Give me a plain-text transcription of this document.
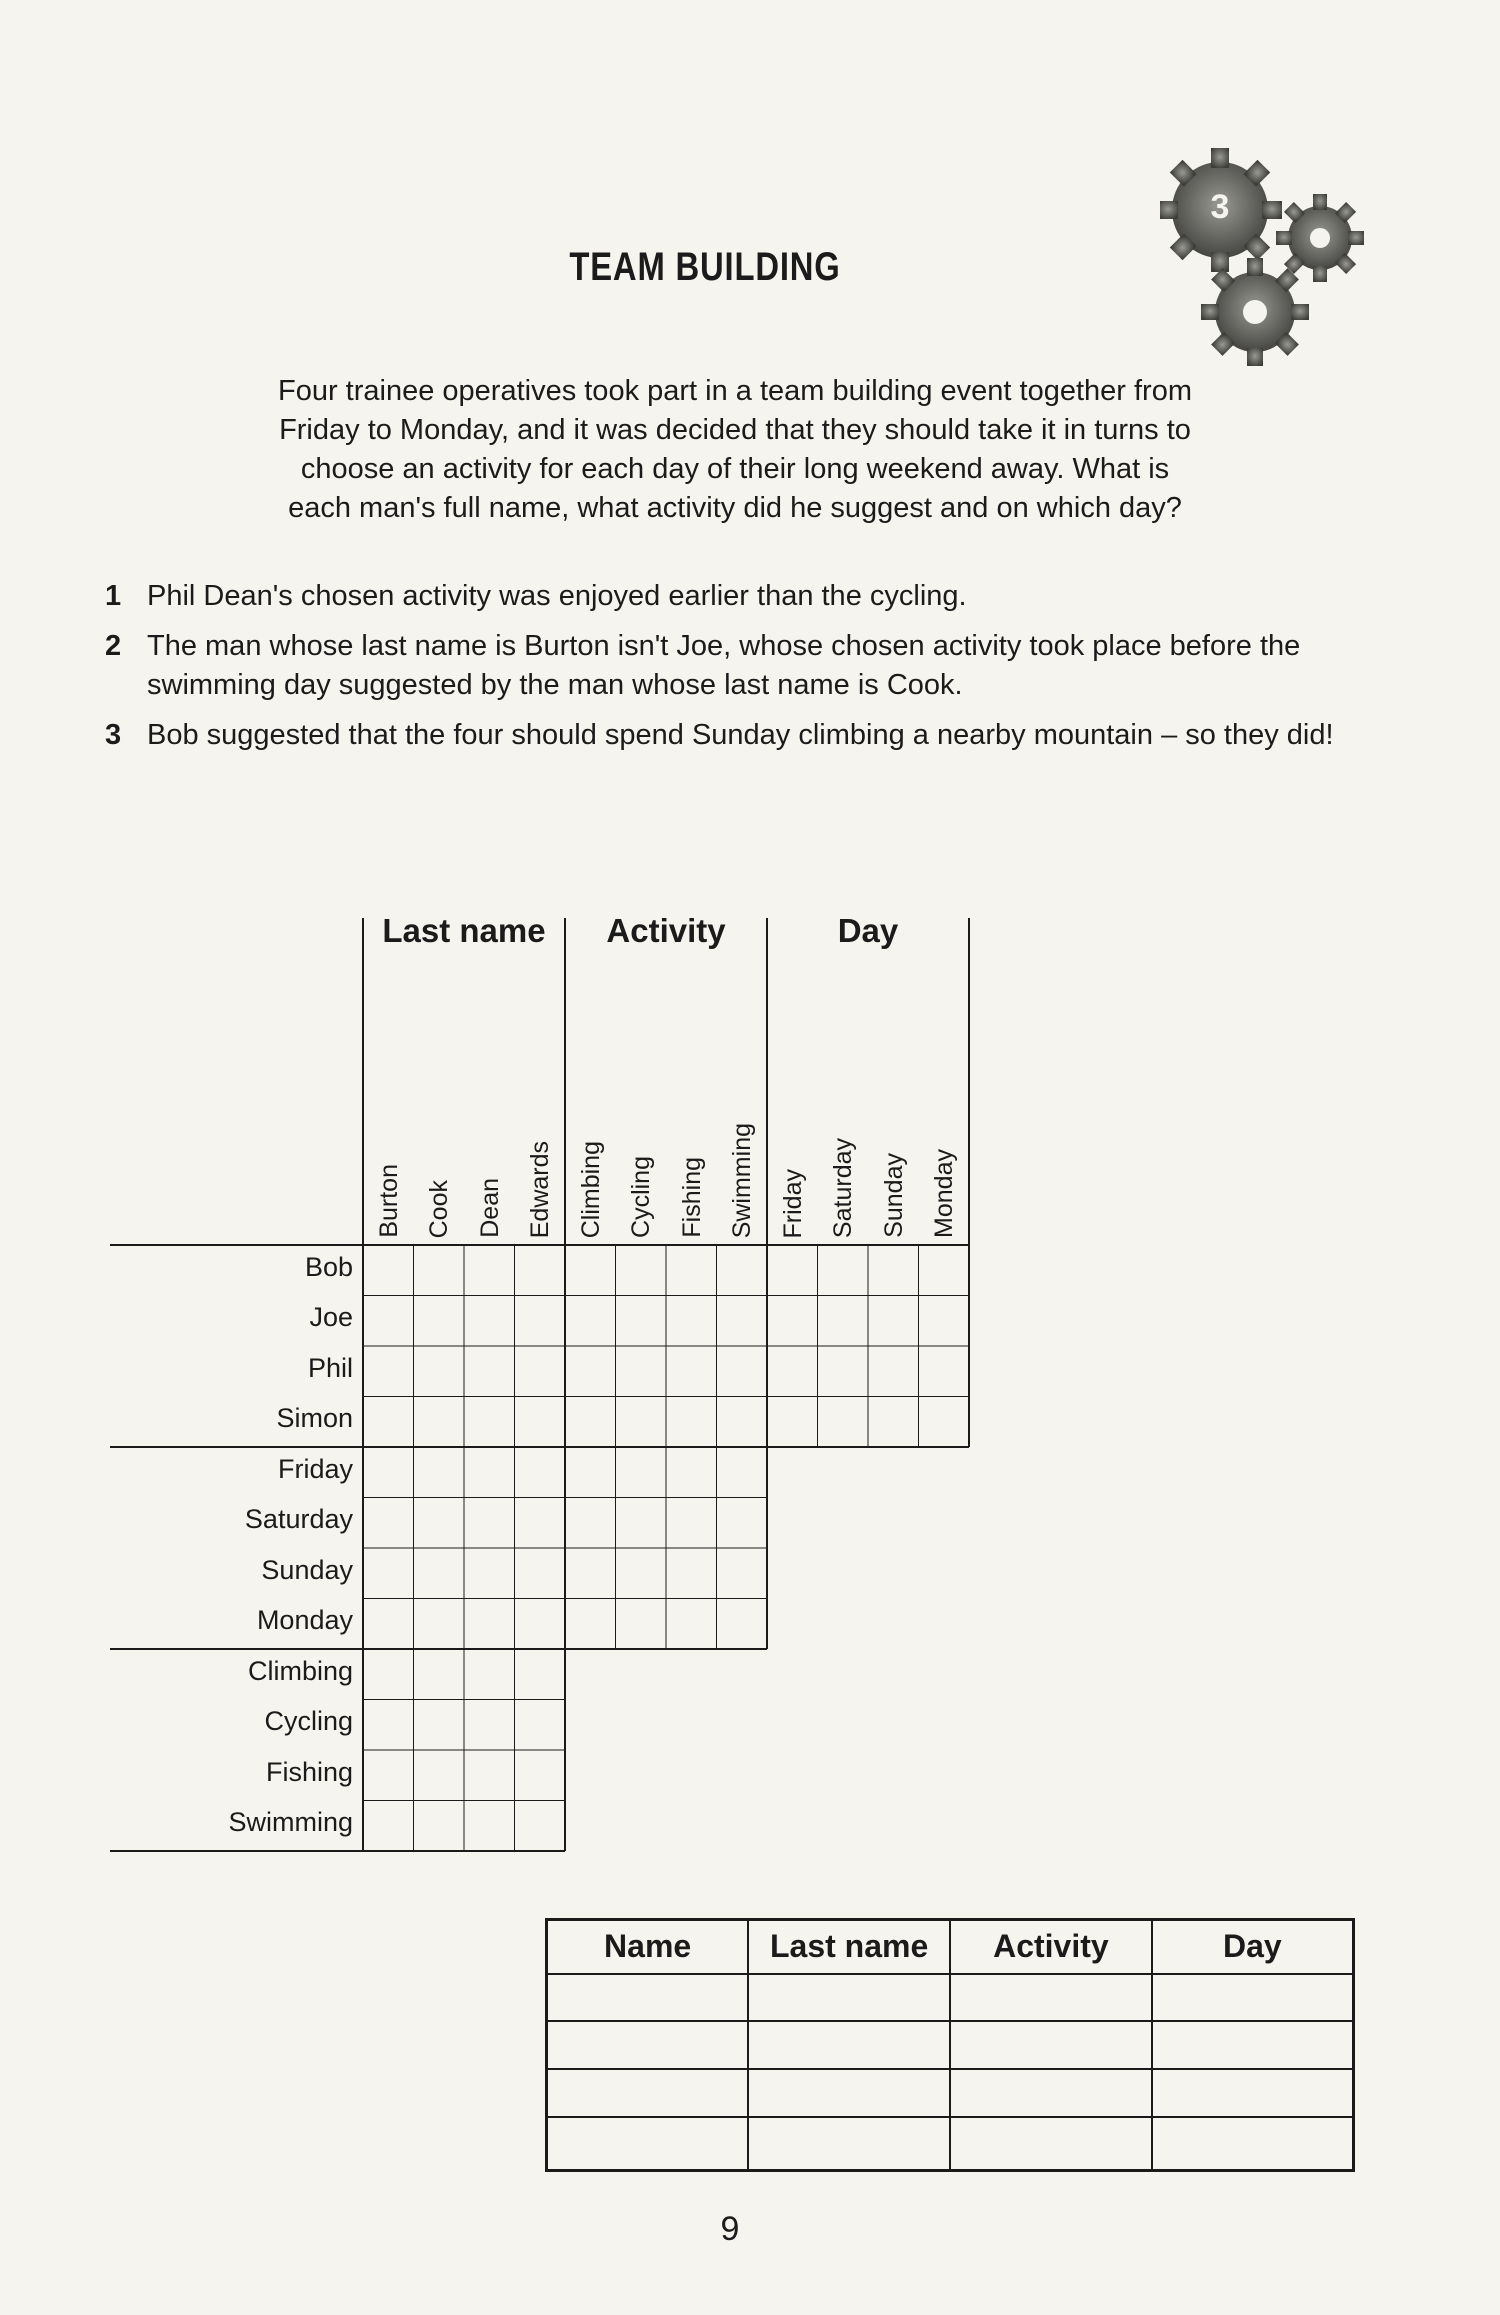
3
TEAM BUILDING
Four trainee operatives took part in a team building event together from Friday to Monday, and it was decided that they should take it in turns to choose an activity for each day of their long weekend away. What is each man's full name, what activity did he suggest and on which day?
1 Phil Dean's chosen activity was enjoyed earlier than the cycling.
2 The man whose last name is Burton isn't Joe, whose chosen activity took place before the swimming day suggested by the man whose last name is Cook.
3 Bob suggested that the four should spend Sunday climbing a nearby mountain – so they did!
Last name	Activity	Day
Burton Cook Dean Edwards Climbing Cycling Fishing Swimming Friday Saturday Sunday Monday
Bob
Joe
Phil
Simon
Friday
Saturday
Sunday
Monday
Climbing
Cycling
Fishing
Swimming
Name	Last name	Activity	Day

9
